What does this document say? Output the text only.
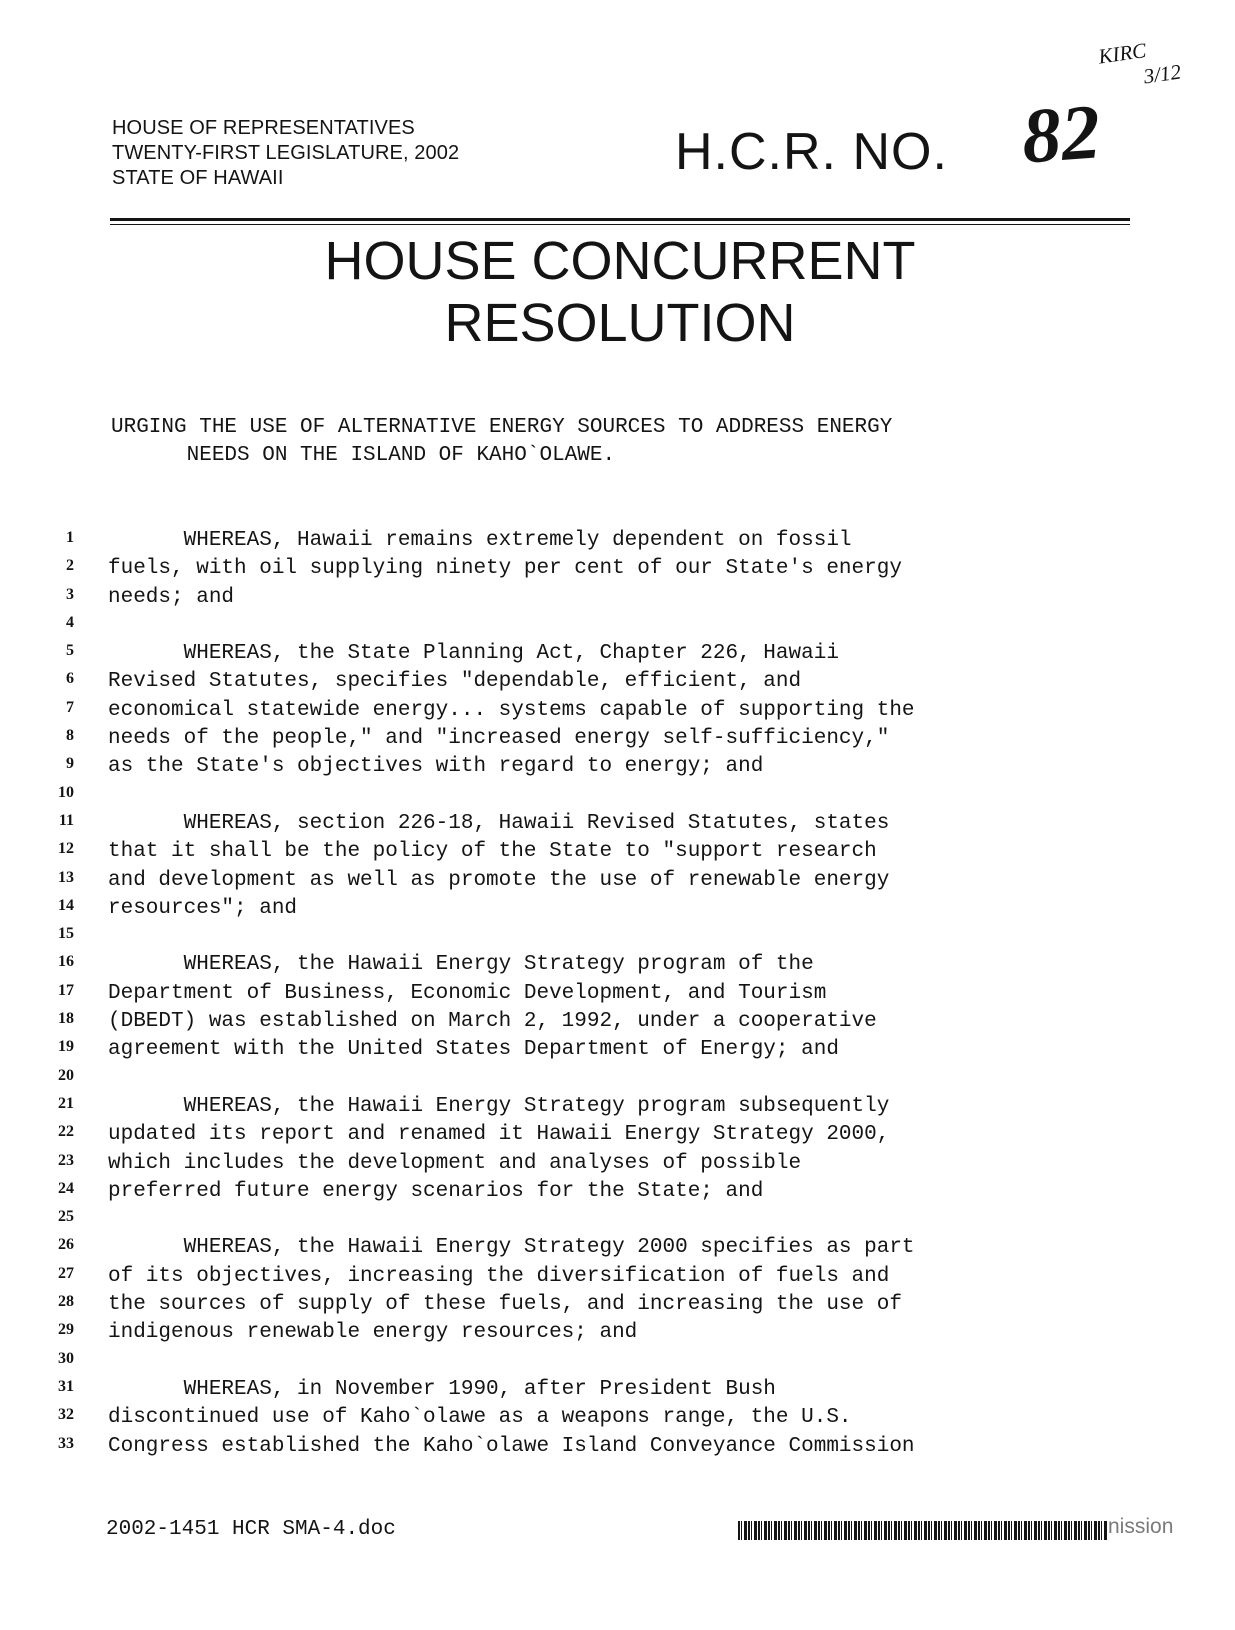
HOUSE OF REPRESENTATIVES
TWENTY-FIRST LEGISLATURE, 2002
STATE OF HAWAII	H.C.R. NO. 82
KIRC
3/12
HOUSE CONCURRENT
RESOLUTION
URGING THE USE OF ALTERNATIVE ENERGY SOURCES TO ADDRESS ENERGY
NEEDS ON THE ISLAND OF KAHO`OLAWE.
1 WHEREAS, Hawaii remains extremely dependent on fossil
2 fuels, with oil supplying ninety per cent of our State's energy
3 needs; and
4
5 WHEREAS, the State Planning Act, Chapter 226, Hawaii
6 Revised Statutes, specifies "dependable, efficient, and
7 economical statewide energy... systems capable of supporting the
8 needs of the people," and "increased energy self-sufficiency,"
9 as the State's objectives with regard to energy; and
10
11 WHEREAS, section 226-18, Hawaii Revised Statutes, states
12 that it shall be the policy of the State to "support research
13 and development as well as promote the use of renewable energy
14 resources"; and
15
16 WHEREAS, the Hawaii Energy Strategy program of the
17 Department of Business, Economic Development, and Tourism
18 (DBEDT) was established on March 2, 1992, under a cooperative
19 agreement with the United States Department of Energy; and
20
21 WHEREAS, the Hawaii Energy Strategy program subsequently
22 updated its report and renamed it Hawaii Energy Strategy 2000,
23 which includes the development and analyses of possible
24 preferred future energy scenarios for the State; and
25
26 WHEREAS, the Hawaii Energy Strategy 2000 specifies as part
27 of its objectives, increasing the diversification of fuels and
28 the sources of supply of these fuels, and increasing the use of
29 indigenous renewable energy resources; and
30
31 WHEREAS, in November 1990, after President Bush
32 discontinued use of Kaho`olawe as a weapons range, the U.S.
33 Congress established the Kaho`olawe Island Conveyance Commission
2002-1451 HCR SMA-4.doc	nission
